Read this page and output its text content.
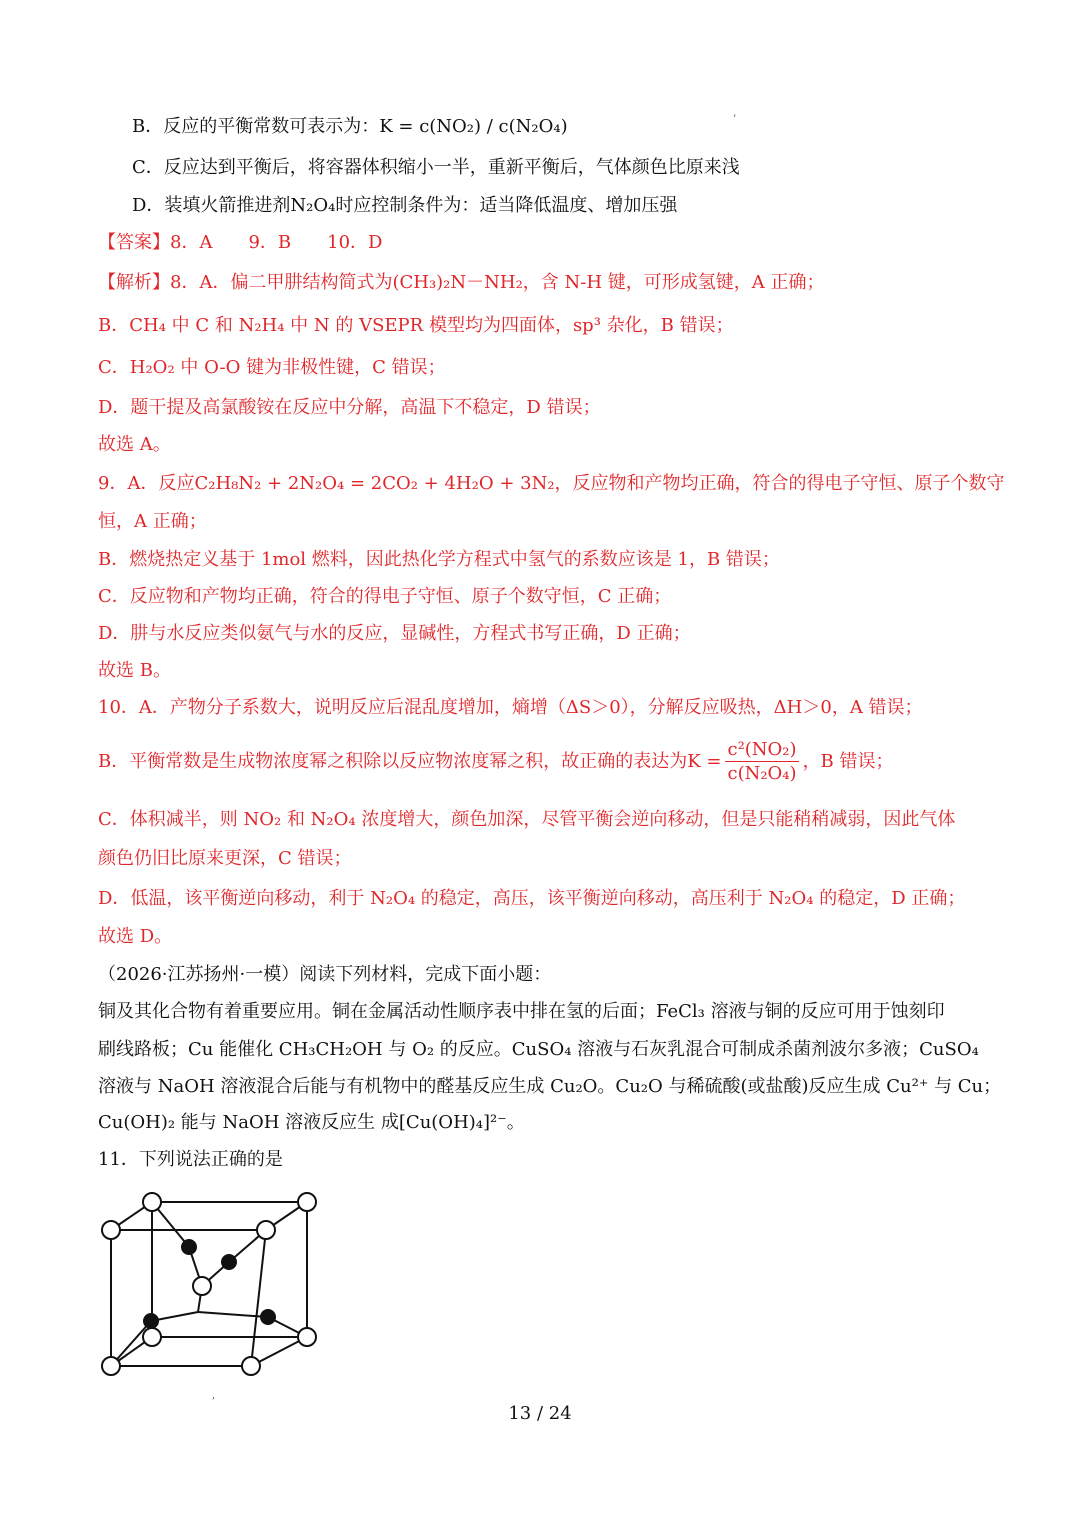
B．反应的平衡常数可表示为：K = c(NO₂) / c(N₂O₄)	’
C．反应达到平衡后，将容器体积缩小一半，重新平衡后，气体颜色比原来浅
D．装填火箭推进剂N₂O₄时应控制条件为：适当降低温度、增加压强
【答案】8．A　　9．B　　10．D
【解析】8．A．偏二甲肼结构简式为(CH₃)₂N－NH₂，含 N-H 键，可形成氢键，A 正确；
B．CH₄ 中 C 和 N₂H₄ 中 N 的 VSEPR 模型均为四面体，sp³ 杂化，B 错误；
C．H₂O₂ 中 O-O 键为非极性键，C 错误；
D．题干提及高氯酸铵在反应中分解，高温下不稳定，D 错误；
故选 A。
9．A．反应C₂H₈N₂ + 2N₂O₄ = 2CO₂ + 4H₂O + 3N₂，反应物和产物均正确，符合的得电子守恒、原子个数守
恒，A 正确；
B．燃烧热定义基于 1mol 燃料，因此热化学方程式中氢气的系数应该是 1，B 错误；
C．反应物和产物均正确，符合的得电子守恒、原子个数守恒，C 正确；
D．肼与水反应类似氨气与水的反应，显碱性，方程式书写正确，D 正确；
故选 B。
10．A．产物分子系数大，说明反应后混乱度增加，熵增（ΔS＞0），分解反应吸热，ΔH＞0，A 错误；
B．平衡常数是生成物浓度幂之积除以反应物浓度幂之积，故正确的表达为$K = \frac{\text{c²(NO₂)}}{\text{c(N₂O₄)}}$ ，B 错误；
C．体积减半，则 NO₂ 和 N₂O₄ 浓度增大，颜色加深，尽管平衡会逆向移动，但是只能稍稍减弱，因此气体
颜色仍旧比原来更深，C 错误；
D．低温，该平衡逆向移动，利于 N₂O₄ 的稳定，高压，该平衡逆向移动，高压利于 N₂O₄ 的稳定，D 正确；
故选 D。
（2026·江苏扬州·一模）阅读下列材料，完成下面小题：
铜及其化合物有着重要应用。铜在金属活动性顺序表中排在氢的后面；FeCl₃ 溶液与铜的反应可用于蚀刻印
刷线路板；Cu 能催化 CH₃CH₂OH 与 O₂ 的反应。CuSO₄ 溶液与石灰乳混合可制成杀菌剂波尔多液；CuSO₄
溶液与 NaOH 溶液混合后能与有机物中的醛基反应生成 Cu₂O。Cu₂O 与稀硫酸(或盐酸)反应生成 Cu²⁺ 与 Cu；
Cu(OH)₂ 能与 NaOH 溶液反应生 成[Cu(OH)₄]²⁻。
11．下列说法正确的是
,
13 / 24
